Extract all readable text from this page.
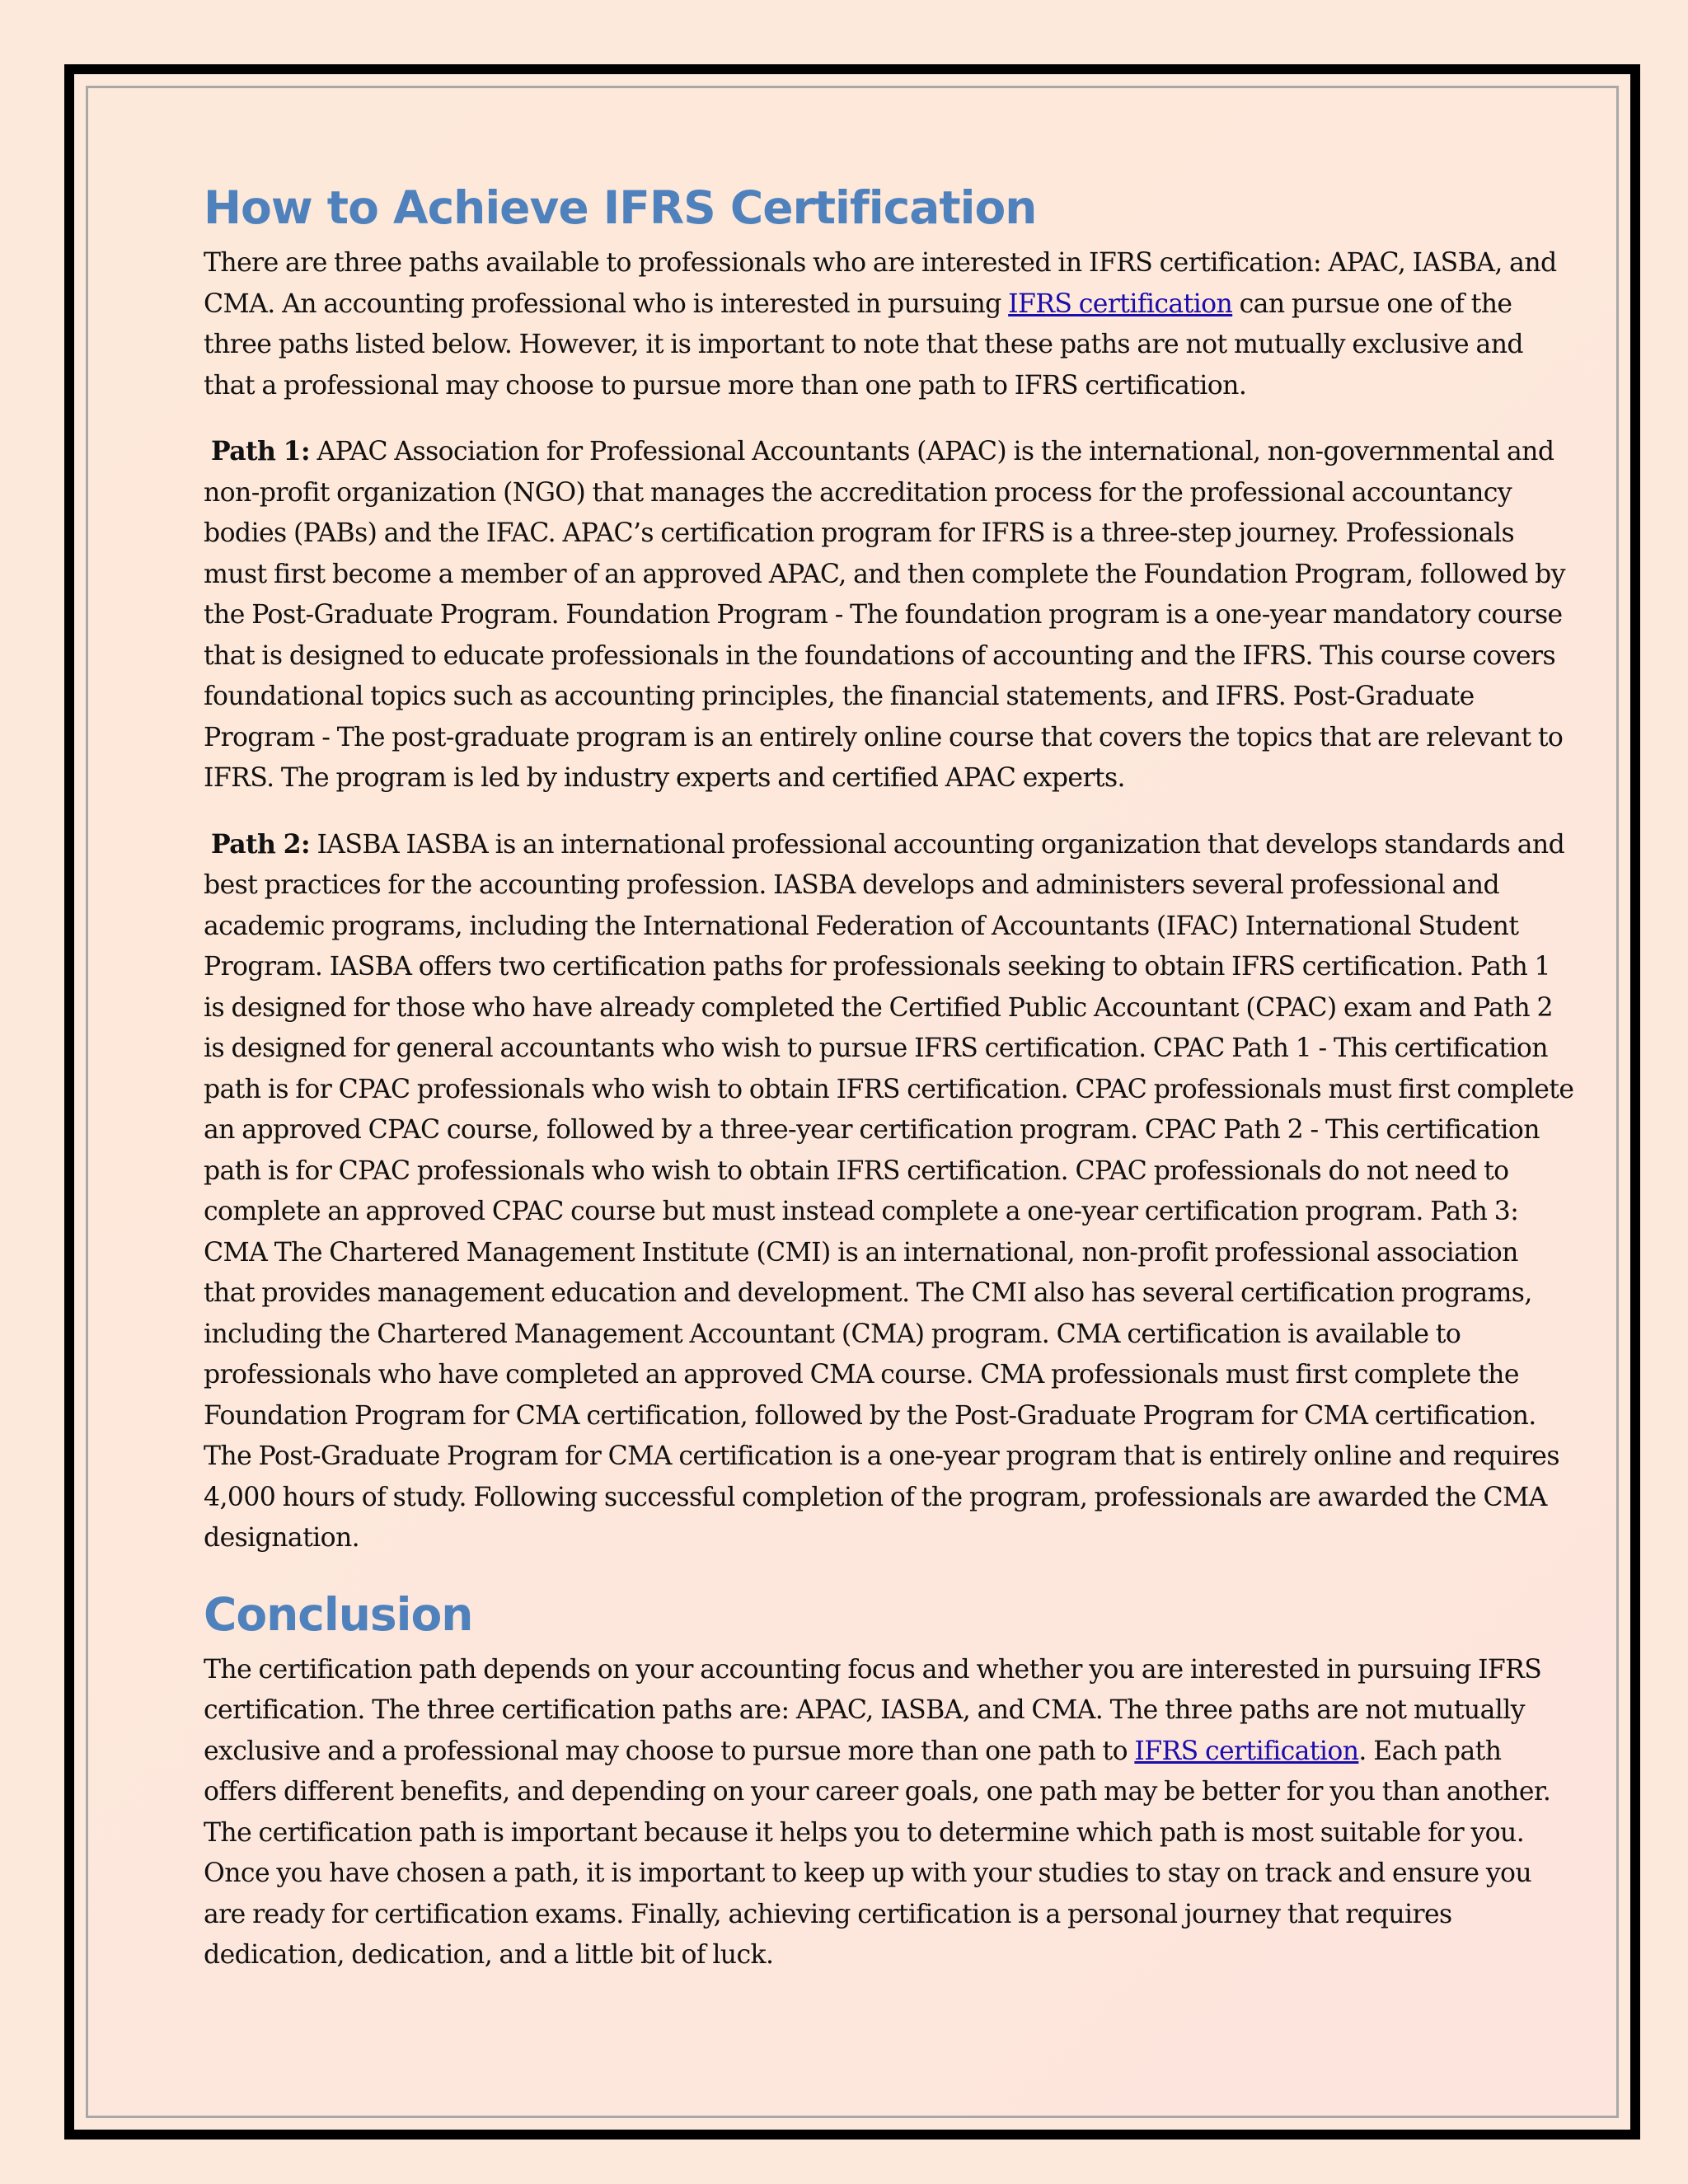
How to Achieve IFRS Certification

There are three paths available to professionals who are interested in IFRS certification: APAC, IASBA, and CMA. An accounting professional who is interested in pursuing IFRS certification can pursue one of the three paths listed below. However, it is important to note that these paths are not mutually exclusive and that a professional may choose to pursue more than one path to IFRS certification.

Path 1: APAC Association for Professional Accountants (APAC) is the international, non-governmental and non-profit organization (NGO) that manages the accreditation process for the professional accountancy bodies (PABs) and the IFAC. APAC’s certification program for IFRS is a three-step journey. Professionals must first become a member of an approved APAC, and then complete the Foundation Program, followed by the Post-Graduate Program. Foundation Program - The foundation program is a one-year mandatory course that is designed to educate professionals in the foundations of accounting and the IFRS. This course covers foundational topics such as accounting principles, the financial statements, and IFRS. Post-Graduate Program - The post-graduate program is an entirely online course that covers the topics that are relevant to IFRS. The program is led by industry experts and certified APAC experts.

Path 2: IASBA IASBA is an international professional accounting organization that develops standards and best practices for the accounting profession. IASBA develops and administers several professional and academic programs, including the International Federation of Accountants (IFAC) International Student Program. IASBA offers two certification paths for professionals seeking to obtain IFRS certification. Path 1 is designed for those who have already completed the Certified Public Accountant (CPAC) exam and Path 2 is designed for general accountants who wish to pursue IFRS certification. CPAC Path 1 - This certification path is for CPAC professionals who wish to obtain IFRS certification. CPAC professionals must first complete an approved CPAC course, followed by a three-year certification program. CPAC Path 2 - This certification path is for CPAC professionals who wish to obtain IFRS certification. CPAC professionals do not need to complete an approved CPAC course but must instead complete a one-year certification program. Path 3: CMA The Chartered Management Institute (CMI) is an international, non-profit professional association that provides management education and development. The CMI also has several certification programs, including the Chartered Management Accountant (CMA) program. CMA certification is available to professionals who have completed an approved CMA course. CMA professionals must first complete the Foundation Program for CMA certification, followed by the Post-Graduate Program for CMA certification. The Post-Graduate Program for CMA certification is a one-year program that is entirely online and requires 4,000 hours of study. Following successful completion of the program, professionals are awarded the CMA designation.

Conclusion

The certification path depends on your accounting focus and whether you are interested in pursuing IFRS certification. The three certification paths are: APAC, IASBA, and CMA. The three paths are not mutually exclusive and a professional may choose to pursue more than one path to IFRS certification. Each path offers different benefits, and depending on your career goals, one path may be better for you than another. The certification path is important because it helps you to determine which path is most suitable for you. Once you have chosen a path, it is important to keep up with your studies to stay on track and ensure you are ready for certification exams. Finally, achieving certification is a personal journey that requires dedication, dedication, and a little bit of luck.
